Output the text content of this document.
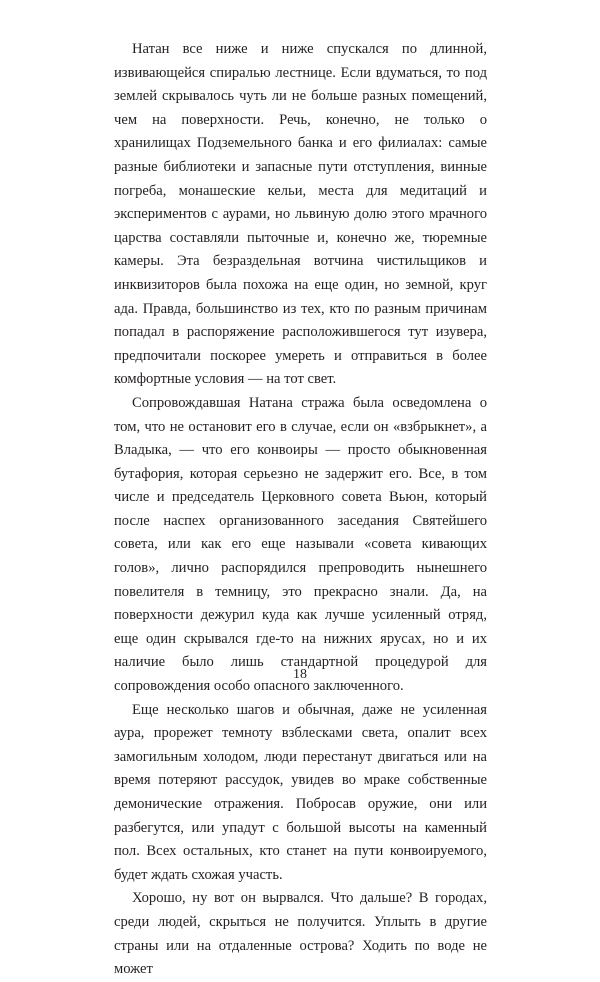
Натан все ниже и ниже спускался по длинной, извивающейся спиралью лестнице. Если вдуматься, то под землей скрывалось чуть ли не больше разных помещений, чем на поверхности. Речь, конечно, не только о хранилищах Подземельного банка и его филиалах: самые разные библиотеки и запасные пути отступления, винные погреба, монашеские кельи, места для медитаций и экспериментов с аурами, но львиную долю этого мрачного царства составляли пыточные и, конечно же, тюремные камеры. Эта безраздельная вотчина чистильщиков и инквизиторов была похожа на еще один, но земной, круг ада. Правда, большинство из тех, кто по разным причинам попадал в распоряжение расположившегося тут изувера, предпочитали поскорее умереть и отправиться в более комфортные условия — на тот свет.

Сопровождавшая Натана стража была осведомлена о том, что не остановит его в случае, если он «взбрыкнет», а Владыка, — что его конвоиры — просто обыкновенная бутафория, которая серьезно не задержит его. Все, в том числе и председатель Церковного совета Вьюн, который после наспех организованного заседания Святейшего совета, или как его еще называли «совета кивающих голов», лично распорядился препроводить нынешнего повелителя в темницу, это прекрасно знали. Да, на поверхности дежурил куда как лучше усиленный отряд, еще один скрывался где-то на нижних ярусах, но и их наличие было лишь стандартной процедурой для сопровождения особо опасного заключенного.

Еще несколько шагов и обычная, даже не усиленная аура, прорежет темноту взблесками света, опалит всех замогильным холодом, люди перестанут двигаться или на время потеряют рассудок, увидев во мраке собственные демонические отражения. Побросав оружие, они или разбегутся, или упадут с большой высоты на каменный пол. Всех остальных, кто станет на пути конвоируемого, будет ждать схожая участь.

Хорошо, ну вот он вырвался. Что дальше? В городах, среди людей, скрыться не получится. Уплыть в другие страны или на отдаленные острова? Ходить по воде не может

18
